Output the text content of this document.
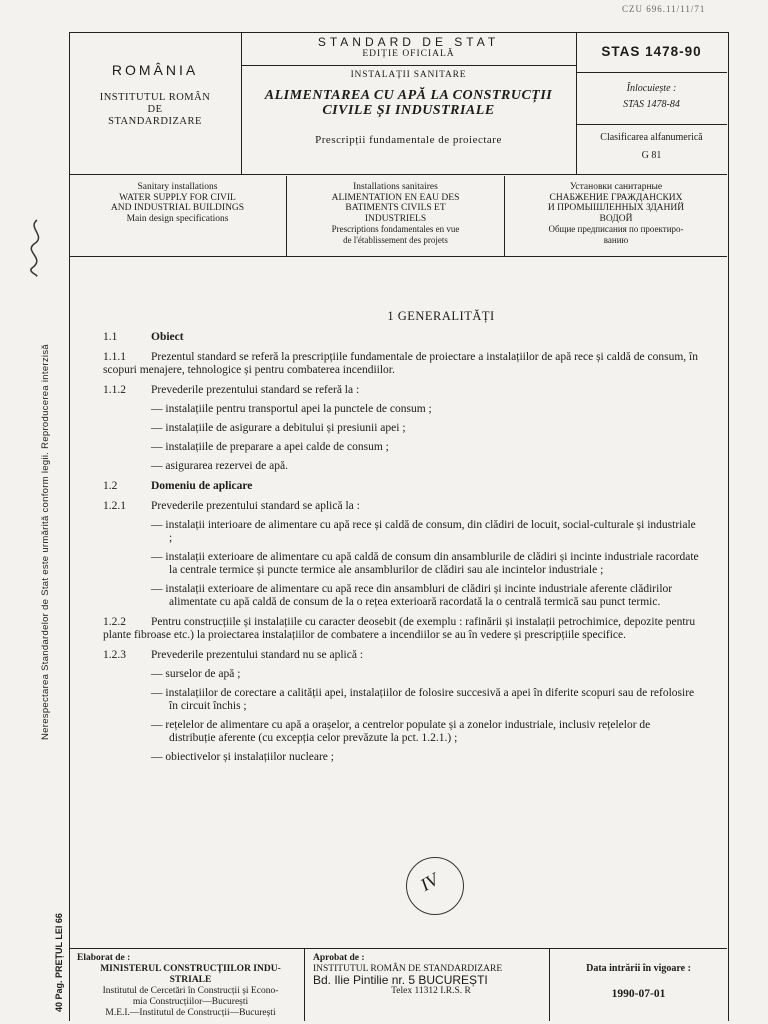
CZU 696.11/11/71
ROMÂNIA
INSTITUTUL ROMÂN
DE
STANDARDIZARE
STANDARD DE STAT
EDIȚIE OFICIALĂ
INSTALAȚII SANITARE
ALIMENTAREA CU APĂ LA CONSTRUCȚII
CIVILE ȘI INDUSTRIALE
Prescripții fundamentale de proiectare
STAS 1478-90
Înlocuiește :
STAS 1478-84
Clasificarea alfanumerică
G 81
Sanitary installations
WATER SUPPLY FOR CIVIL
AND INDUSTRIAL BUILDINGS
Main design specifications
Installations sanitaires
ALIMENTATION EN EAU DES
BATIMENTS CIVILS ET
INDUSTRIELS
Prescriptions fondamentales en vue
de l'établissement des projets
Установки санитарные
СНАБЖЕНИЕ ГРАЖДАНСКИХ
И ПРОМЫШЛЕННЫХ ЗДАНИЙ
ВОДОЙ
Общие предписания по проектиро-
ванию
Nerespectarea Standardelor de Stat este urmărită conform legii. Reproducerea interzisă
40 Pag. PREȚUL LEI 66
1 GENERALITĂȚI
1.1	Obiect
1.1.1 Prezentul standard se referă la prescripțiile fundamentale de proiectare a instalațiilor de apă rece și caldă de consum, în scopuri menajere, tehnologice și pentru combaterea incendiilor.
1.1.2	Prevederile prezentului standard se referă la :
— instalațiile pentru transportul apei la punctele de consum ;
— instalațiile de asigurare a debitului și presiunii apei ;
— instalațiile de preparare a apei calde de consum ;
— asigurarea rezervei de apă.
1.2	Domeniu de aplicare
1.2.1	Prevederile prezentului standard se aplică la :
— instalații interioare de alimentare cu apă rece și caldă de consum, din clădiri de locuit, social-culturale și industriale ;
— instalații exterioare de alimentare cu apă caldă de consum din ansamblurile de clădiri și incinte industriale racordate la centrale termice și puncte termice ale ansamblurilor de clădiri sau ale incintelor industriale ;
— instalații exterioare de alimentare cu apă rece din ansambluri de clădiri și incinte industriale aferente clădirilor alimentate cu apă caldă de consum de la o rețea exterioară racordată la o centrală termică sau punct termic.
1.2.2 Pentru construcțiile și instalațiile cu caracter deosebit (de exemplu : rafinării și instalații petrochimice, depozite pentru plante fibroase etc.) la proiectarea instalațiilor de combatere a incendiilor se au în vedere și prescripțiile specifice.
1.2.3	Prevederile prezentului standard nu se aplică :
— surselor de apă ;
— instalațiilor de corectare a calității apei, instalațiilor de folosire succesivă a apei în diferite scopuri sau de refolosire în circuit închis ;
— rețelelor de alimentare cu apă a orașelor, a centrelor populate și a zonelor industriale, inclusiv rețelelor de distribuție aferente (cu excepția celor prevăzute la pct. 1.2.1.) ;
— obiectivelor și instalațiilor nucleare ;
IV
Elaborat de :
MINISTERUL CONSTRUCȚIILOR INDU-
STRIALE
Institutul de Cercetări în Construcții și Econo-
mia Construcțiilor—București
M.E.I.—Institutul de Construcții—București
Aprobat de :
INSTITUTUL ROMÂN DE STANDARDIZARE
Bd. Ilie Pintilie nr. 5 BUCUREȘTI
Telex 11312 I.R.S. R
Data intrării în vigoare :
1990-07-01
